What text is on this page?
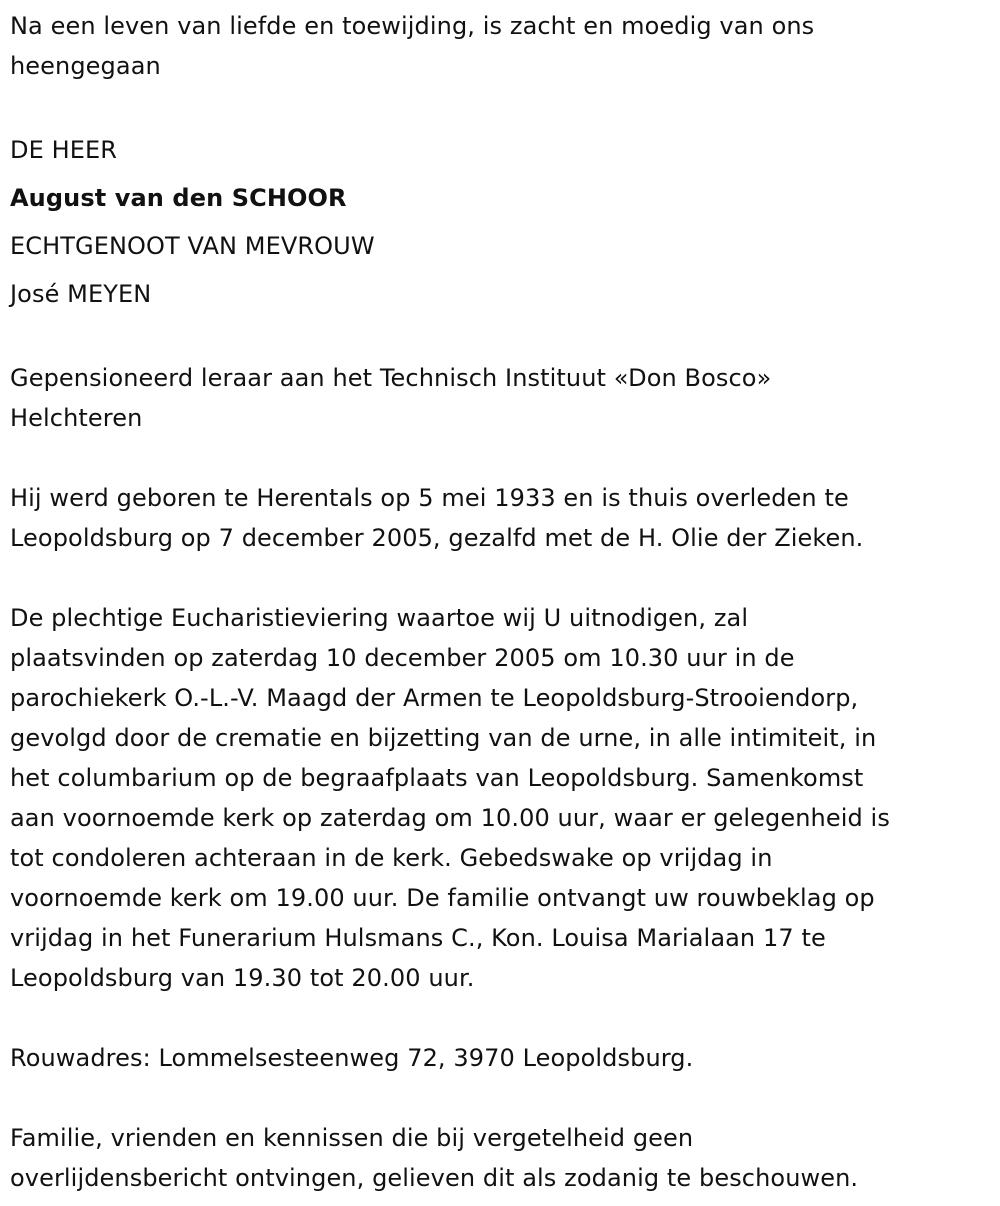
Na een leven van liefde en toewijding, is zacht en moedig van ons
heengegaan
DE HEER
August van den SCHOOR
ECHTGENOOT VAN MEVROUW
José MEYEN
Gepensioneerd leraar aan het Technisch Instituut «Don Bosco»
Helchteren
Hij werd geboren te Herentals op 5 mei 1933 en is thuis overleden te
Leopoldsburg op 7 december 2005, gezalfd met de H. Olie der Zieken.
De plechtige Eucharistieviering waartoe wij U uitnodigen, zal
plaatsvinden op zaterdag 10 december 2005 om 10.30 uur in de
parochiekerk O.-L.-V. Maagd der Armen te Leopoldsburg-Strooiendorp,
gevolgd door de crematie en bijzetting van de urne, in alle intimiteit, in
het columbarium op de begraafplaats van Leopoldsburg. Samenkomst
aan voornoemde kerk op zaterdag om 10.00 uur, waar er gelegenheid is
tot condoleren achteraan in de kerk. Gebedswake op vrijdag in
voornoemde kerk om 19.00 uur. De familie ontvangt uw rouwbeklag op
vrijdag in het Funerarium Hulsmans C., Kon. Louisa Marialaan 17 te
Leopoldsburg van 19.30 tot 20.00 uur.
Rouwadres: Lommelsesteenweg 72, 3970 Leopoldsburg.
Familie, vrienden en kennissen die bij vergetelheid geen
overlijdensbericht ontvingen, gelieven dit als zodanig te beschouwen.
